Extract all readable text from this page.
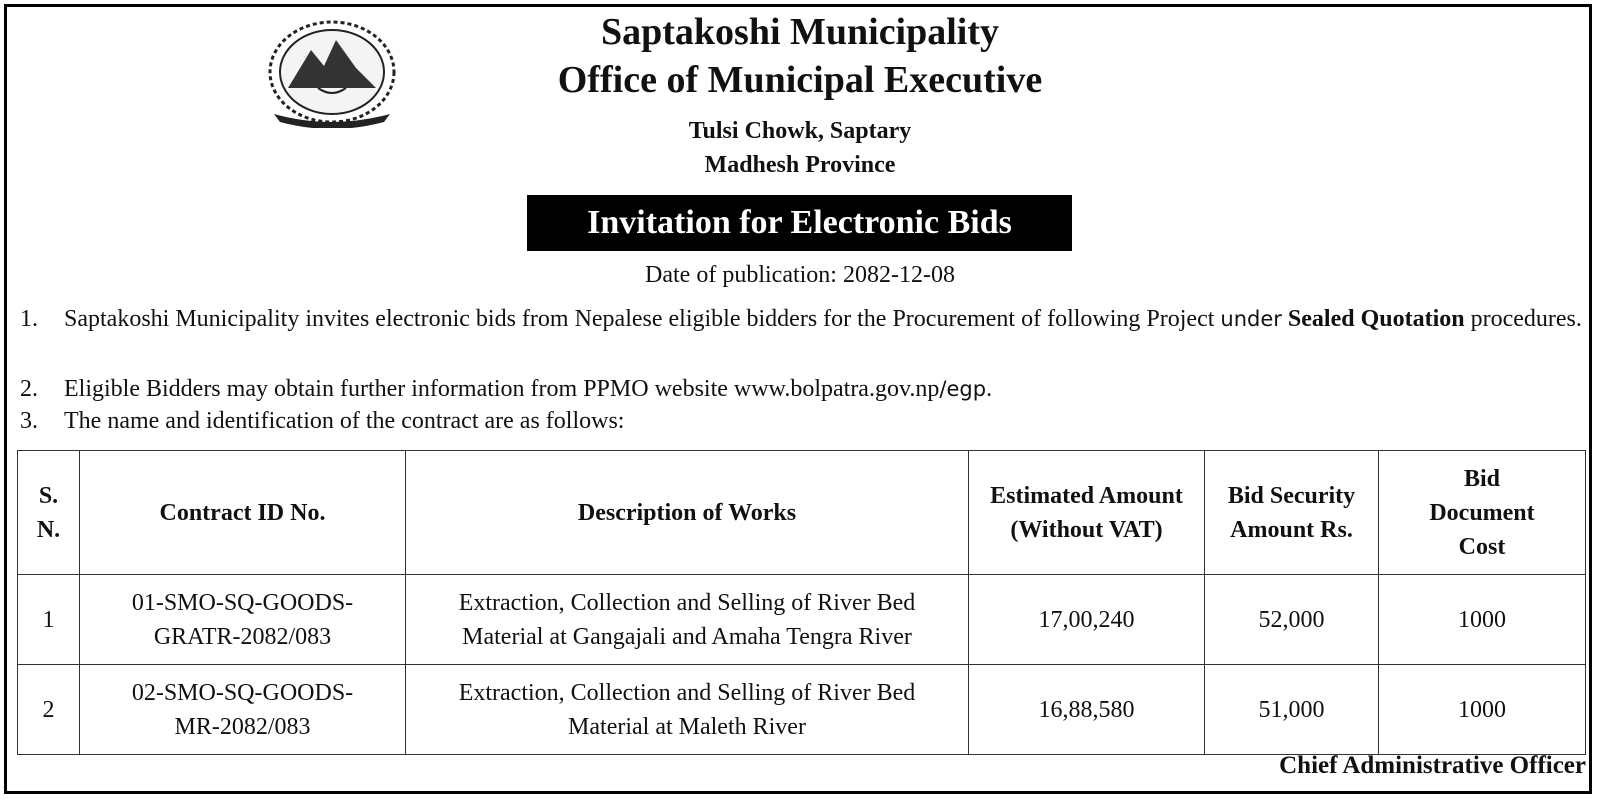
Saptakoshi Municipality
Office of Municipal Executive
Tulsi Chowk, Saptary
Madhesh Province
Invitation for Electronic Bids
Date of publication: 2082-12-08
1.	Saptakoshi Municipality invites electronic bids from Nepalese eligible bidders for the Procurement of following Project under Sealed Quotation procedures.
2.	Eligible Bidders may obtain further information from PPMO website www.bolpatra.gov.np/egp.
3.	The name and identification of the contract are as follows:
S. N.	Contract ID No.	Description of Works	Estimated Amount (Without VAT)	Bid Security Amount Rs.	Bid Document Cost
1	01-SMO-SQ-GOODS-GRATR-2082/083	Extraction, Collection and Selling of River Bed Material at Gangajali and Amaha Tengra River	17,00,240	52,000	1000
2	02-SMO-SQ-GOODS-MR-2082/083	Extraction, Collection and Selling of River Bed Material at Maleth River	16,88,580	51,000	1000
Chief Administrative Officer
